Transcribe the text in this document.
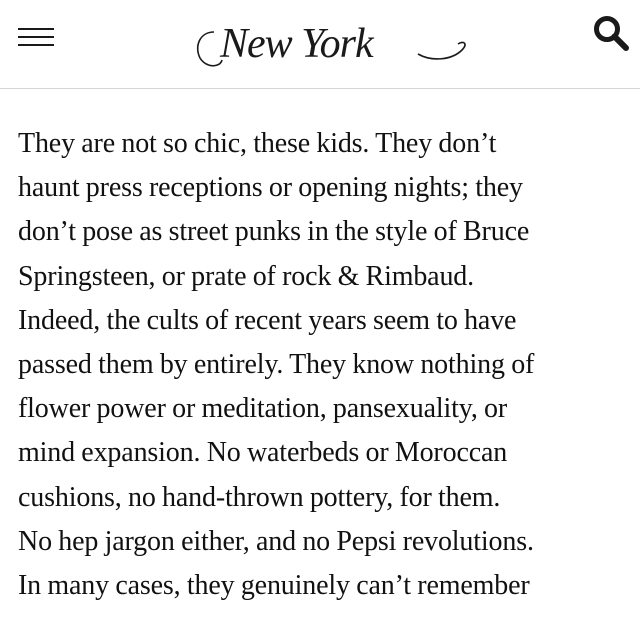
New York

They are not so chic, these kids. They don’t
haunt press receptions or opening nights; they
don’t pose as street punks in the style of Bruce
Springsteen, or prate of rock & Rimbaud.
Indeed, the cults of recent years seem to have
passed them by entirely. They know nothing of
flower power or meditation, pansexuality, or
mind expansion. No waterbeds or Moroccan
cushions, no hand-thrown pottery, for them.
No hep jargon either, and no Pepsi revolutions.
In many cases, they genuinely can’t remember
